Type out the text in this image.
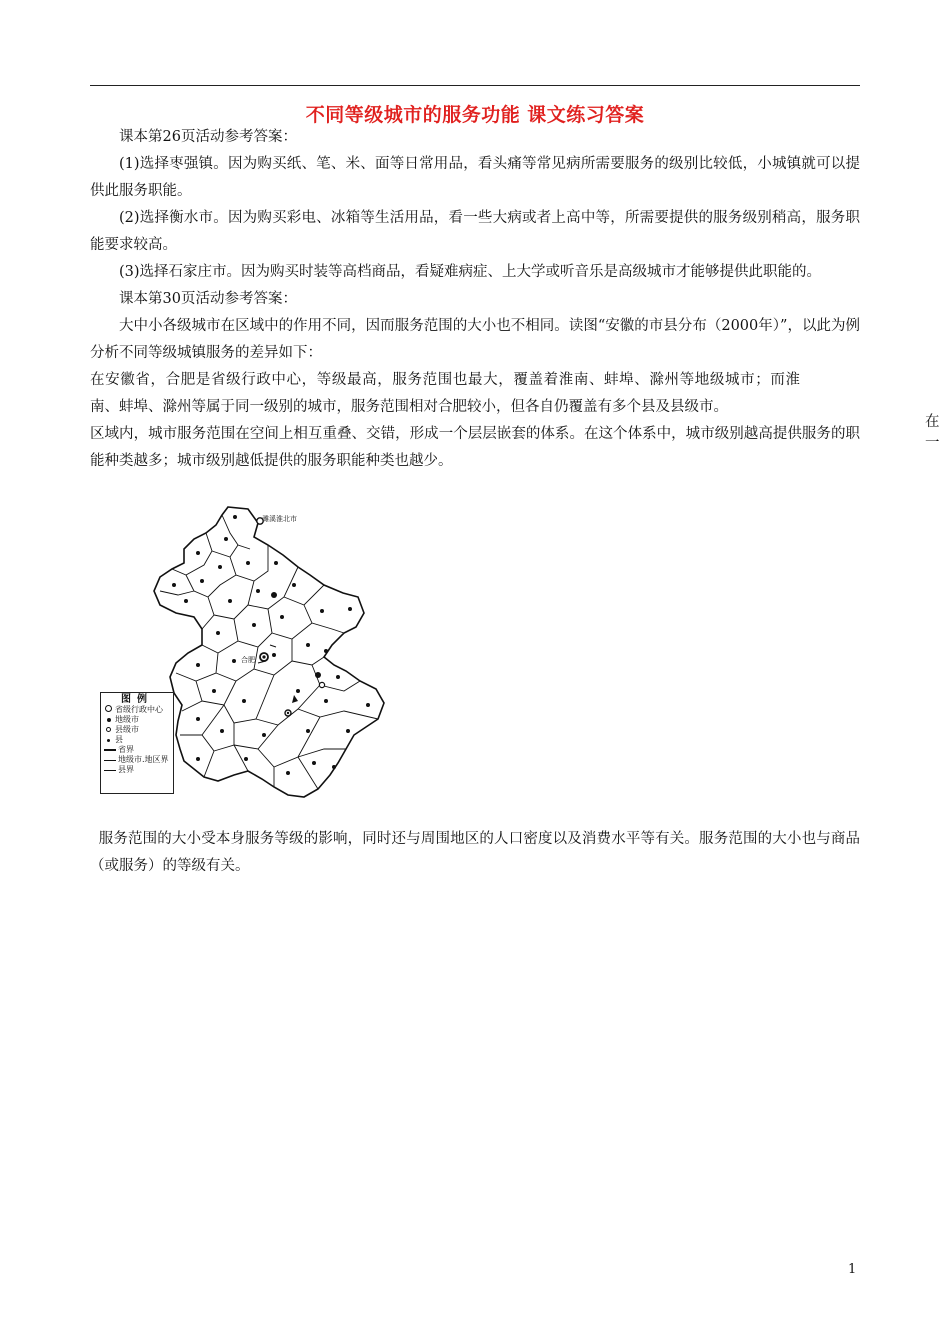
不同等级城市的服务功能 课文练习答案

课本第26页活动参考答案：

(1)选择枣强镇。因为购买纸、笔、米、面等日常用品，看头痛等常见病所需要服务的级别比较低，小城镇就可以提供此服务职能。

(2)选择衡水市。因为购买彩电、冰箱等生活用品，看一些大病或者上高中等，所需要提供的服务级别稍高，服务职能要求较高。

(3)选择石家庄市。因为购买时装等高档商品，看疑难病症、上大学或听音乐是高级城市才能够提供此职能的。

课本第30页活动参考答案：

大中小各级城市在区域中的作用不同，因而服务范围的大小也不相同。读图“安徽的市县分布（2000年）”，以此为例分析不同等级城镇服务的差异如下：

在安徽省，合肥是省级行政中心，等级最高，服务范围也最大，覆盖着淮南、蚌埠、滁州等地级城市；而淮南、蚌埠、滁州等属于同一级别的城市，服务范围相对合肥较小，但各自仍覆盖有多个县及县级市。

区域内，城市服务范围在空间上相互重叠、交错，形成一个层层嵌套的体系。在这个体系中，城市级别越高提供服务的职能种类越多；城市级别越低提供的服务职能种类也越少。

在一
濉溪淮北市
合肥
图例
省级行政中心
地级市
县级市
县
省界
地级市.地区界
县界

服务范围的大小受本身服务等级的影响，同时还与周围地区的人口密度以及消费水平等有关。服务范围的大小也与商品（或服务）的等级有关。

1
